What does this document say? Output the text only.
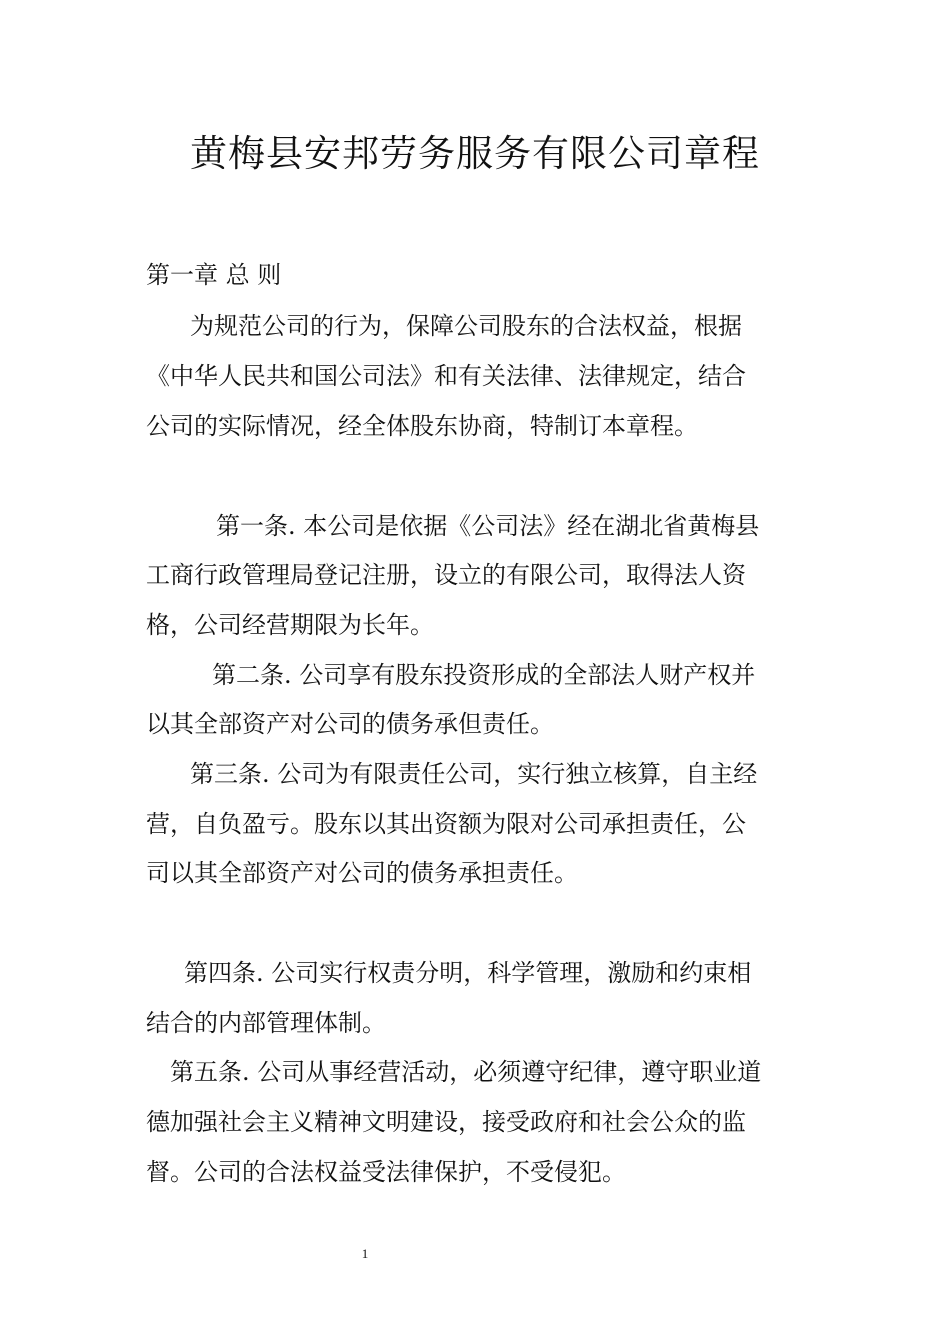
黄梅县安邦劳务服务有限公司章程
第一章 总 则
为规范公司的行为，保障公司股东的合法权益，根据
《中华人民共和国公司法》和有关法律、法律规定，结合
公司的实际情况，经全体股东协商，特制订本章程。
第一条. 本公司是依据《公司法》经在湖北省黄梅县
工商行政管理局登记注册，设立的有限公司，取得法人资
格，公司经营期限为长年。
第二条. 公司享有股东投资形成的全部法人财产权并
以其全部资产对公司的债务承但责任。
第三条. 公司为有限责任公司，实行独立核算，自主经
营，自负盈亏。股东以其出资额为限对公司承担责任，公
司以其全部资产对公司的债务承担责任。
第四条. 公司实行权责分明，科学管理，激励和约束相
结合的内部管理体制。
第五条. 公司从事经营活动，必须遵守纪律，遵守职业道
德加强社会主义精神文明建设，接受政府和社会公众的监
督。公司的合法权益受法律保护，不受侵犯。
1
